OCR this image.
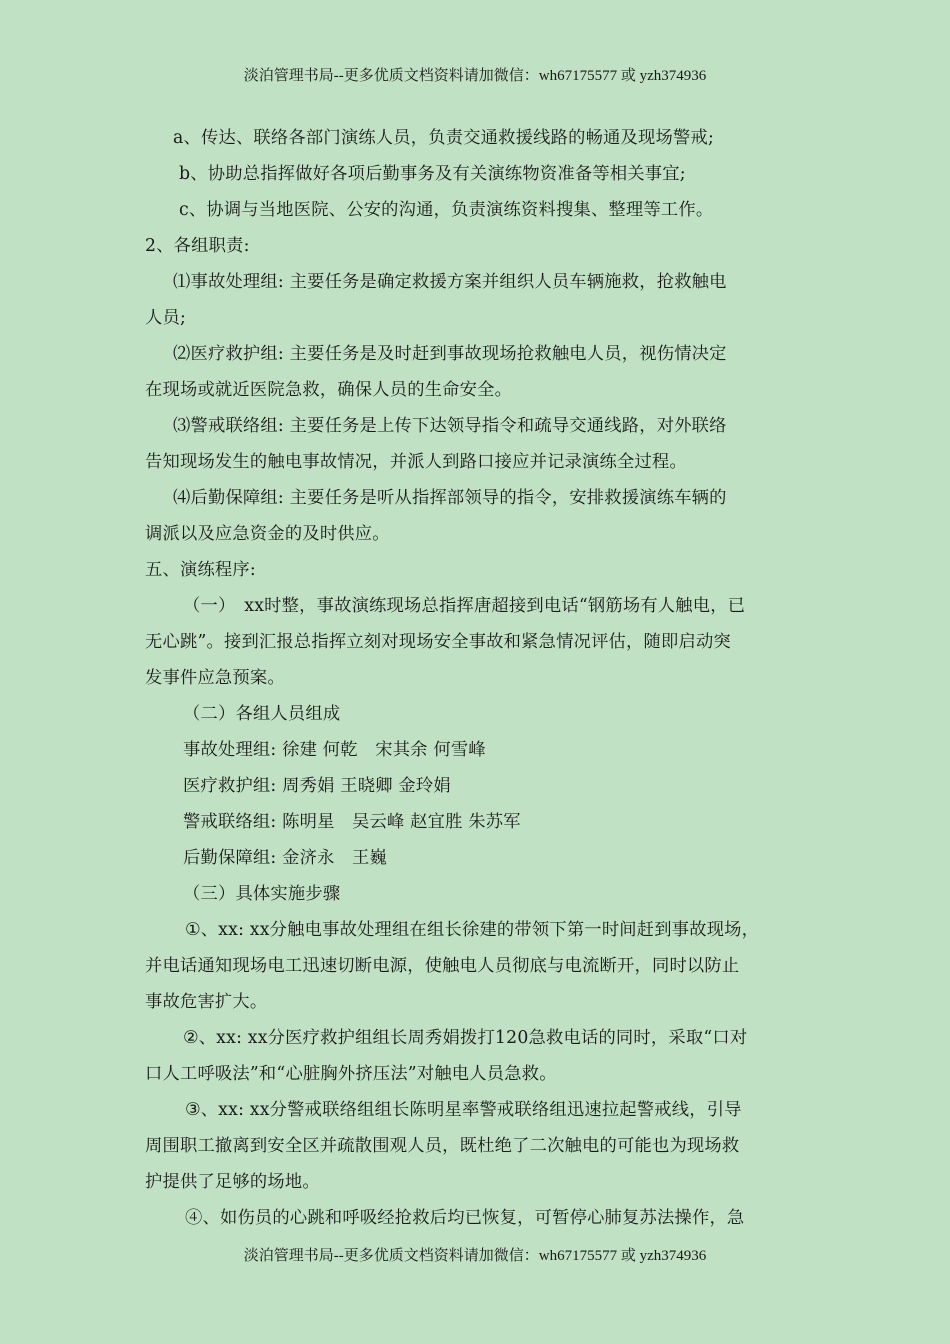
淡泊管理书局--更多优质文档资料请加微信：wh67175577 或 yzh374936
a、传达、联络各部门演练人员，负责交通救援线路的畅通及现场警戒;
b、协助总指挥做好各项后勤事务及有关演练物资准备等相关事宜;
c、协调与当地医院、公安的沟通，负责演练资料搜集、整理等工作。
2、各组职责:
⑴事故处理组: 主要任务是确定救援方案并组织人员车辆施救，抢救触电
人员;
⑵医疗救护组: 主要任务是及时赶到事故现场抢救触电人员，视伤情决定
在现场或就近医院急救，确保人员的生命安全。
⑶警戒联络组: 主要任务是上传下达领导指令和疏导交通线路，对外联络
告知现场发生的触电事故情况，并派人到路口接应并记录演练全过程。
⑷后勤保障组: 主要任务是听从指挥部领导的指令，安排救援演练车辆的
调派以及应急资金的及时供应。
五、演练程序:
（一）　xx时整，事故演练现场总指挥唐超接到电话“钢筋场有人触电，已
无心跳”。接到汇报总指挥立刻对现场安全事故和紧急情况评估，随即启动突
发事件应急预案。
（二）各组人员组成
事故处理组: 徐建 何乾　宋其余 何雪峰
医疗救护组: 周秀娟 王晓卿 金玲娟
警戒联络组: 陈明星　吴云峰 赵宜胜 朱苏军
后勤保障组: 金济永　王巍
（三）具体实施步骤
①、xx: xx分触电事故处理组在组长徐建的带领下第一时间赶到事故现场，
并电话通知现场电工迅速切断电源，使触电人员彻底与电流断开，同时以防止
事故危害扩大。
②、xx: xx分医疗救护组组长周秀娟拨打120急救电话的同时，采取“口对
口人工呼吸法”和“心脏胸外挤压法”对触电人员急救。
③、xx: xx分警戒联络组组长陈明星率警戒联络组迅速拉起警戒线，引导
周围职工撤离到安全区并疏散围观人员，既杜绝了二次触电的可能也为现场救
护提供了足够的场地。
④、如伤员的心跳和呼吸经抢救后均已恢复，可暂停心肺复苏法操作，急
淡泊管理书局--更多优质文档资料请加微信：wh67175577 或 yzh374936
